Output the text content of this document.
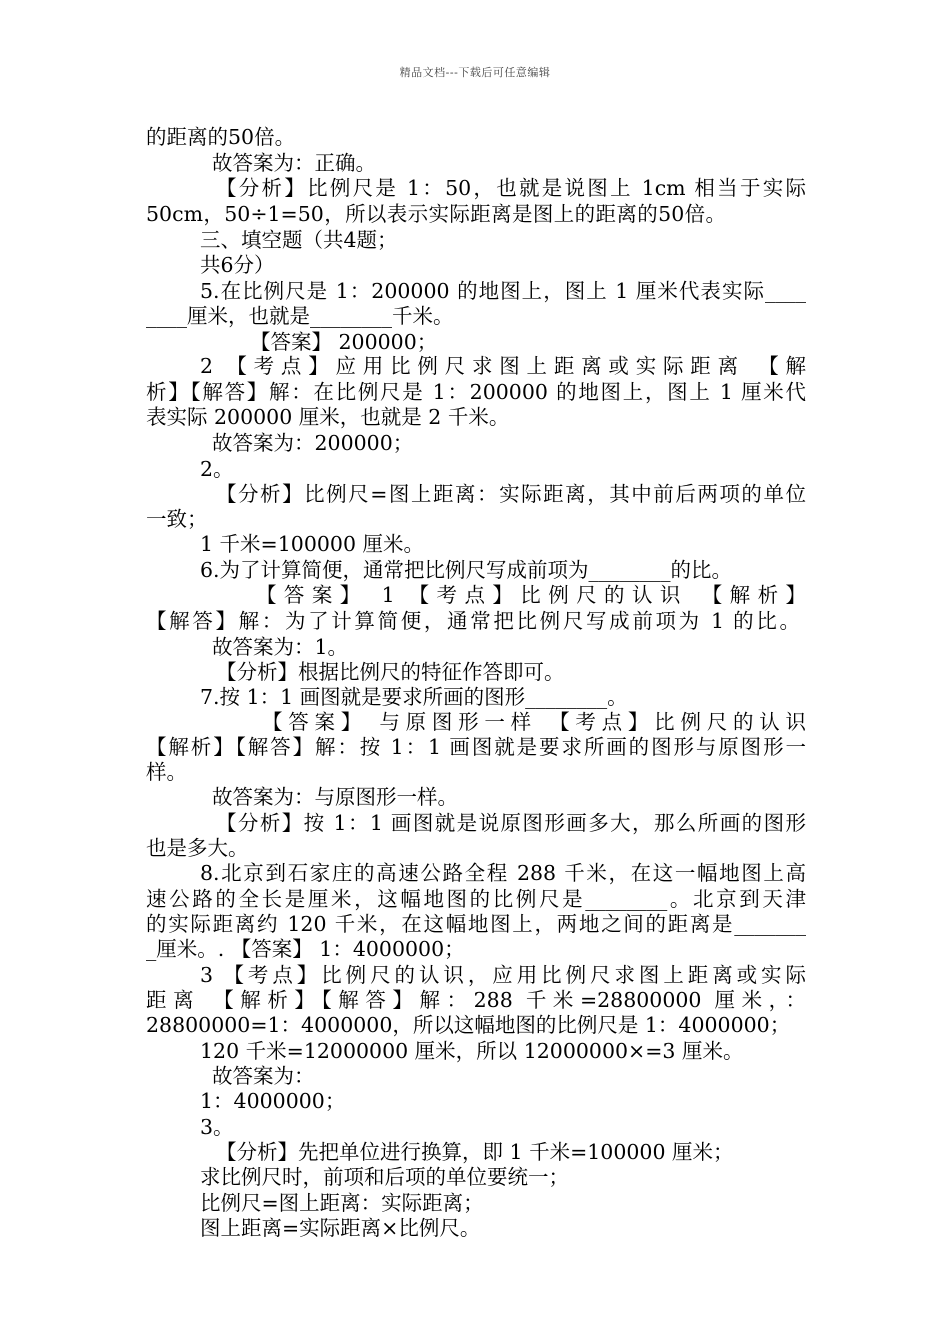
精品文档---下载后可任意编辑
的距离的50倍。
故答案为：正确。
【分析】比例尺是 1：50，也就是说图上 1cm 相当于实际
50cm，50÷1=50，所以表示实际距离是图上的距离的50倍。
三、填空题（共4题；
共6分）
5.在比例尺是 1：200000 的地图上，图上 1 厘米代表实际____
____厘米，也就是________千米。
【答案】 200000；
2 【考点】应用比例尺求图上距离或实际距离 【解
析】【解答】解：在比例尺是 1：200000 的地图上，图上 1 厘米代
表实际 200000 厘米，也就是 2 千米。
故答案为：200000；
2。
【分析】比例尺=图上距离：实际距离，其中前后两项的单位
一致；
1 千米=100000 厘米。
6.为了计算简便，通常把比例尺写成前项为________的比。
【答案】 1 【考点】比例尺的认识 【解析】
【解答】解：为了计算简便，通常把比例尺写成前项为 1 的比。
故答案为：1。
【分析】根据比例尺的特征作答即可。
7.按 1：1 画图就是要求所画的图形________。
【答案】 与原图形一样 【考点】比例尺的认识
【解析】【解答】解：按 1：1 画图就是要求所画的图形与原图形一
样。
故答案为：与原图形一样。
【分析】按 1：1 画图就是说原图形画多大，那么所画的图形
也是多大。
8.北京到石家庄的高速公路全程 288 千米，在这一幅地图上高
速公路的全长是厘米，这幅地图的比例尺是________。北京到天津
的实际距离约 120 千米，在这幅地图上，两地之间的距离是_______
_厘米。. 【答案】 1：4000000；
3 【考点】比例尺的认识，应用比例尺求图上距离或实际
距离 【解析】【解答】解：288 千米=28800000 厘米，：
28800000=1：4000000，所以这幅地图的比例尺是 1：4000000；
120 千米=12000000 厘米，所以 12000000×=3 厘米。
故答案为：
1：4000000；
3。
【分析】先把单位进行换算，即 1 千米=100000 厘米；
求比例尺时，前项和后项的单位要统一；
比例尺=图上距离：实际距离；
图上距离=实际距离×比例尺。
